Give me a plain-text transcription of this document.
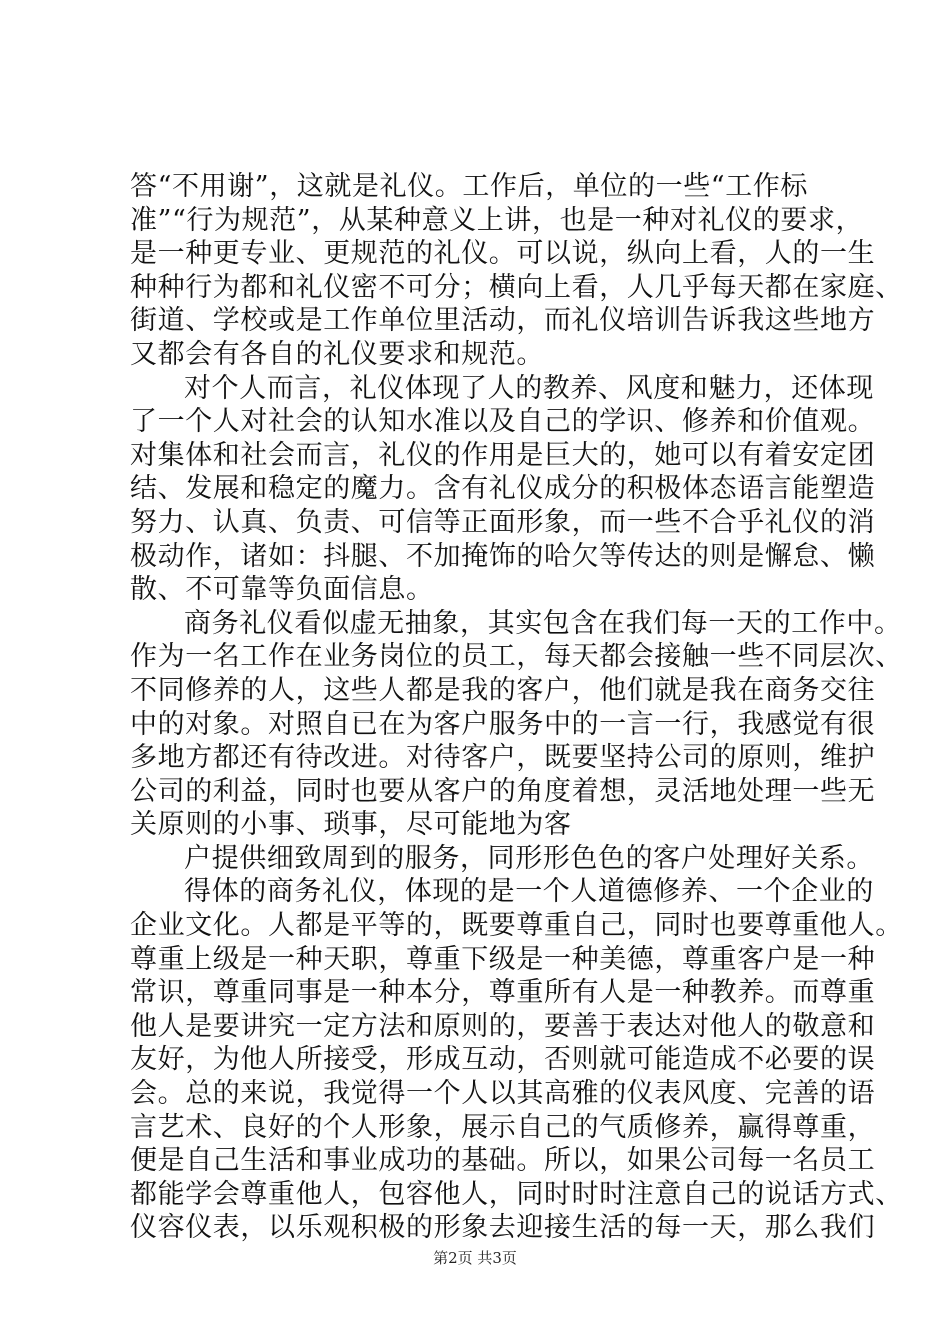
答“不用谢”，这就是礼仪。工作后，单位的一些“工作标
准”“行为规范”，从某种意义上讲，也是一种对礼仪的要求，
是一种更专业、更规范的礼仪。可以说，纵向上看，人的一生
种种行为都和礼仪密不可分；横向上看，人几乎每天都在家庭、
街道、学校或是工作单位里活动，而礼仪培训告诉我这些地方
又都会有各自的礼仪要求和规范。
对个人而言，礼仪体现了人的教养、风度和魅力，还体现
了一个人对社会的认知水准以及自己的学识、修养和价值观。
对集体和社会而言，礼仪的作用是巨大的，她可以有着安定团
结、发展和稳定的魔力。含有礼仪成分的积极体态语言能塑造
努力、认真、负责、可信等正面形象，而一些不合乎礼仪的消
极动作，诸如：抖腿、不加掩饰的哈欠等传达的则是懈怠、懒
散、不可靠等负面信息。
商务礼仪看似虚无抽象，其实包含在我们每一天的工作中。
作为一名工作在业务岗位的员工，每天都会接触一些不同层次、
不同修养的人，这些人都是我的客户，他们就是我在商务交往
中的对象。对照自已在为客户服务中的一言一行，我感觉有很
多地方都还有待改进。对待客户，既要坚持公司的原则，维护
公司的利益，同时也要从客户的角度着想，灵活地处理一些无
关原则的小事、琐事，尽可能地为客
户提供细致周到的服务，同形形色色的客户处理好关系。
得体的商务礼仪，体现的是一个人道德修养、一个企业的
企业文化。人都是平等的，既要尊重自己，同时也要尊重他人。
尊重上级是一种天职，尊重下级是一种美德，尊重客户是一种
常识，尊重同事是一种本分，尊重所有人是一种教养。而尊重
他人是要讲究一定方法和原则的，要善于表达对他人的敬意和
友好，为他人所接受，形成互动，否则就可能造成不必要的误
会。总的来说，我觉得一个人以其高雅的仪表风度、完善的语
言艺术、良好的个人形象，展示自己的气质修养，赢得尊重，
便是自己生活和事业成功的基础。所以，如果公司每一名员工
都能学会尊重他人，包容他人，同时时时注意自己的说话方式、
仪容仪表，以乐观积极的形象去迎接生活的每一天，那么我们
第2页 共3页
